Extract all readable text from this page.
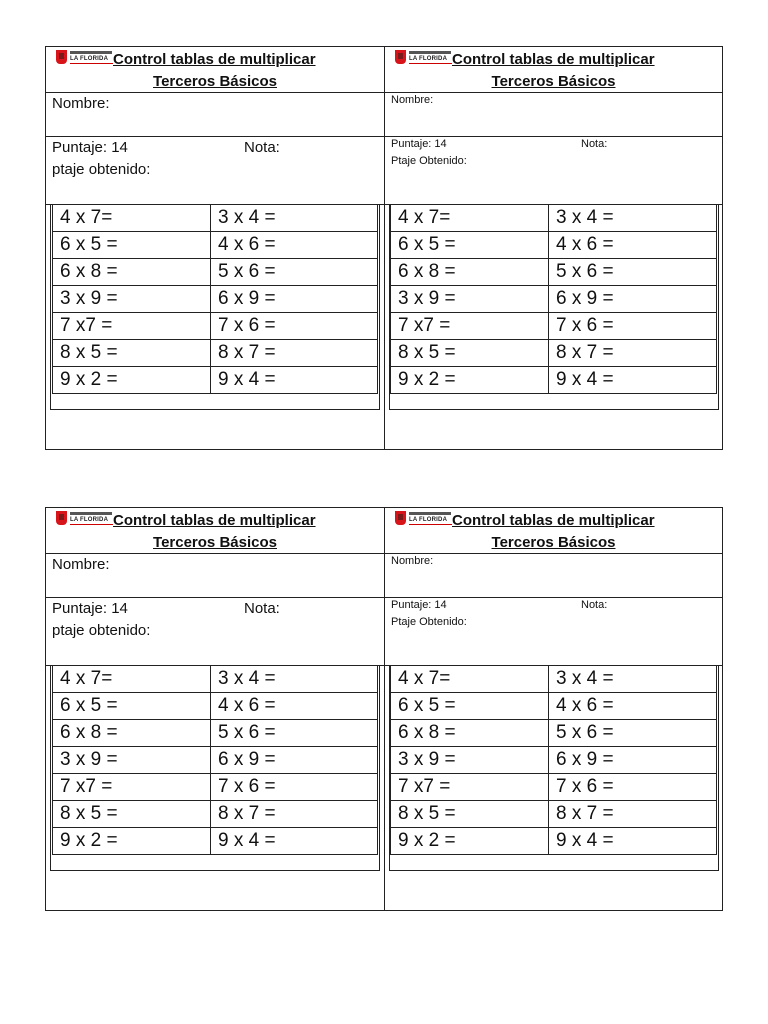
LA FLORIDA Control tablas de multiplicar
Terceros Básicos
Nombre:
Puntaje: 14	Nota:
ptaje obtenido:
4 x 7=	3 x 4 =
6 x 5 =	4 x 6 =
6 x 8 =	5 x 6 =
3 x 9 =	6 x 9 =
7 x7 =	7 x 6 =
8 x 5 =	8 x 7 =
9 x 2 =	9 x 4 =
LA FLORIDA Control tablas de multiplicar
Terceros Básicos
Nombre:
Puntaje: 14	Nota:
Ptaje Obtenido:
4 x 7=	3 x 4 =
6 x 5 =	4 x 6 =
6 x 8 =	5 x 6 =
3 x 9 =	6 x 9 =
7 x7 =	7 x 6 =
8 x 5 =	8 x 7 =
9 x 2 =	9 x 4 =
LA FLORIDA Control tablas de multiplicar
Terceros Básicos
Nombre:
Puntaje: 14	Nota:
ptaje obtenido:
4 x 7=	3 x 4 =
6 x 5 =	4 x 6 =
6 x 8 =	5 x 6 =
3 x 9 =	6 x 9 =
7 x7 =	7 x 6 =
8 x 5 =	8 x 7 =
9 x 2 =	9 x 4 =
LA FLORIDA Control tablas de multiplicar
Terceros Básicos
Nombre:
Puntaje: 14	Nota:
Ptaje Obtenido:
4 x 7=	3 x 4 =
6 x 5 =	4 x 6 =
6 x 8 =	5 x 6 =
3 x 9 =	6 x 9 =
7 x7 =	7 x 6 =
8 x 5 =	8 x 7 =
9 x 2 =	9 x 4 =
